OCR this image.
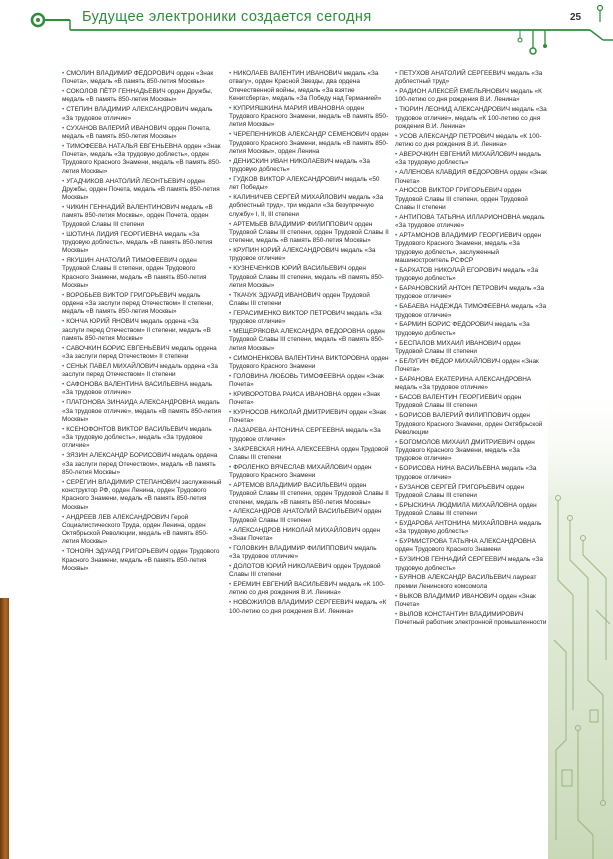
Будущее электроники создается сегодня	25
• СМОЛИН ВЛАДИМИР ФЕДОРОВИЧ орден «Знак Почета», медаль «В память 850-летия Москвы»
• СОКОЛОВ ПЁТР ГЕННАДЬЕВИЧ орден Дружбы, медаль «В память 850-летия Москвы»
• СТЕПИН ВЛАДИМИР АЛЕКСАНДРОВИЧ медаль «За трудовое отличие»
• СУХАНОВ ВАЛЕРИЙ ИВАНОВИЧ орден Почета, медаль «В память 850-летия Москвы»
• ТИМОФЕЕВА НАТАЛЬЯ ЕВГЕНЬЕВНА орден «Знак Почета», медаль «За трудовую доблесть», орден Трудового Красного Знамени, медаль «В память 850-летия Москвы»
• УГАДЧИКОВ АНАТОЛИЙ ЛЕОНТЬЕВИЧ орден Дружбы, орден Почета, медаль «В память 850-летия Москвы»
• ЧИКИН ГЕННАДИЙ ВАЛЕНТИНОВИЧ медаль «В память 850-летия Москвы», орден Почета, орден Трудовой Славы III степени
• ШОТИНА ЛИДИЯ ГЕОРГИЕВНА медаль «За трудовую доблесть», медаль «В память 850-летия Москвы»
• ЯКУШИН АНАТОЛИЙ ТИМОФЕЕВИЧ орден Трудовой Славы II степени, орден Трудового Красного Знамени, медаль «В память 850-летия Москвы»
• ВОРОБЬЕВ ВИКТОР ГРИГОРЬЕВИЧ медаль ордена «За заслуги перед Отечеством» II степени, медаль «В память 850-летия Москвы»
• КОНЧА ЮРИЙ ЯНОВИЧ медаль ордена «За заслуги перед Отечеством» II степени, медаль «В память 850-летия Москвы»
• САВОЧКИН БОРИС ЕВГЕНЬЕВИЧ медаль ордена «За заслуги перед Отечеством» II степени
• СЕНЬК ПАВЕЛ МИХАЙЛОВИЧ медаль ордена «За заслуги перед Отечеством» II степени
• САФОНОВА ВАЛЕНТИНА ВАСИЛЬЕВНА медаль «За трудовое отличие»
• ПЛАТОНОВА ЗИНАИДА АЛЕКСАНДРОВНА медаль «За трудовое отличие», медаль «В память 850-летия Москвы»
• КСЕНОФОНТОВ ВИКТОР ВАСИЛЬЕВИЧ медаль «За трудовую доблесть», медаль «За трудовое отличие»
• ЗЯЗИН АЛЕКСАНДР БОРИСОВИЧ медаль ордена «За заслуги перед Отечеством», медаль «В память 850-летия Москвы»
• СЕРЁГИН ВЛАДИМИР СТЕПАНОВИЧ заслуженный конструктор РФ, орден Ленина, орден Трудового Красного Знамени, медаль «В память 850-летия Москвы»
• АНДРЕЕВ ЛЕВ АЛЕКСАНДРОВИЧ Герой Социалистического Труда, орден Ленина, орден Октябрьской Революции, медаль «В память 850-летия Москвы»
• ТОНОЯН ЭДУАРД ГРИГОРЬЕВИЧ орден Трудового Красного Знамени, медаль «В память 850-летия Москвы»
• НИКОЛАЕВ ВАЛЕНТИН ИВАНОВИЧ медаль «За отвагу», орден Красной Звезды, два ордена Отечественной войны, медаль «За взятие Кенигсберга», медаль «За Победу над Германией»
• КУПРИЯШКИНА МАРИЯ ИВАНОВНА орден Трудового Красного Знамени, медаль «В память 850-летия Москвы»
• ЧЕРЕПЕННИКОВ АЛЕКСАНДР СЕМЕНОВИЧ орден Трудового Красного Знамени, медаль «В память 850-летия Москвы», орден Ленина
• ДЕНИСКИН ИВАН НИКОЛАЕВИЧ медаль «За трудовую доблесть»
• ГУДКОВ ВИКТОР АЛЕКСАНДРОВИЧ медаль «50 лет Победы»
• КАЛИНИЧЕВ СЕРГЕЙ МИХАЙЛОВИЧ медаль «За доблестный труд», три медали «За безупречную службу» I, II, III степени
• АРТЕМЬЕВ ВЛАДИМИР ФИЛИППОВИЧ орден Трудовой Славы III степени, орден Трудовой Славы II степени, медаль «В память 850-летия Москвы»
• КРУПИН ЮРИЙ АЛЕКСАНДРОВИЧ медаль «За трудовое отличие»
• КУЗНЕЧЕНКОВ ЮРИЙ ВАСИЛЬЕВИЧ орден Трудовой Славы III степени, медаль «В память 850-летия Москвы»
• ТКАЧУК ЭДУАРД ИВАНОВИЧ орден Трудовой Славы III степени
• ГЕРАСИМЕНКО ВИКТОР ПЕТРОВИЧ медаль «За трудовое отличие»
• МЕЩЕРЯКОВА АЛЕКСАНДРА ФЕДОРОВНА орден Трудовой Славы III степени, медаль «В память 850-летия Москвы»
• СИМОНЕНКОВА ВАЛЕНТИНА ВИКТОРОВНА орден Трудового Красного Знамени
• ГОЛОВИНА ЛЮБОВЬ ТИМОФЕЕВНА орден «Знак Почета»
• КРИВОРОТОВА РАИСА ИВАНОВНА орден «Знак Почета»
• КУРНОСОВ НИКОЛАЙ ДМИТРИЕВИЧ орден «Знак Почета»
• ЛАЗАРЕВА АНТОНИНА СЕРГЕЕВНА медаль «За трудовое отличие»
• ЗАКРЕВСКАЯ НИНА АЛЕКСЕЕВНА орден Трудовой Славы III степени
• ФРОЛЕНКО ВЯЧЕСЛАВ МИХАЙЛОВИЧ орден Трудового Красного Знамени
• АРТЕМОВ ВЛАДИМИР ВАСИЛЬЕВИЧ орден Трудовой Славы III степени, орден Трудовой Славы II степени, медаль «В память 850-летия Москвы»
• АЛЕКСАНДРОВ АНАТОЛИЙ ВАСИЛЬЕВИЧ орден Трудовой Славы III степени
• АЛЕКСАНДРОВ НИКОЛАЙ МИХАЙЛОВИЧ орден «Знак Почета»
• ГОЛОВКИН ВЛАДИМИР ФИЛИППОВИЧ медаль «За трудовое отличие»
• ДОЛОТОВ ЮРИЙ НИКОЛАЕВИЧ орден Трудовой Славы III степени
• ЕРЕМИН ЕВГЕНИЙ ВАСИЛЬЕВИЧ медаль «К 100-летию со дня рождения В.И. Ленина»
• НОВОЖИЛОВ ВЛАДИМИР СЕРГЕЕВИЧ медаль «К 100-летию со дня рождения В.И. Ленина»
• ПЕТУХОВ АНАТОЛИЙ СЕРГЕЕВИЧ медаль «За доблестный труд»
• РАДИОН АЛЕКСЕЙ ЕМЕЛЬЯНОВИЧ медаль «К 100-летию со дня рождения В.И. Ленина»
• ТЮРИН ЛЕОНИД АЛЕКСАНДРОВИЧ медаль «За трудовое отличие», медаль «К 100-летию со дня рождения В.И. Ленина»
• УСОВ АЛЕКСАНДР ПЕТРОВИЧ медаль «К 100-летию со дня рождения В.И. Ленина»
• АВЕРОЧКИН ЕВГЕНИЙ МИХАЙЛОВИЧ медаль «За трудовую доблесть»
• АЛЛЕНОВА КЛАВДИЯ ФЕДОРОВНА орден «Знак Почета»
• АНОСОВ ВИКТОР ГРИГОРЬЕВИЧ орден Трудовой Славы III степени, орден Трудовой Славы II степени
• АНТИПОВА ТАТЬЯНА ИЛЛАРИОНОВНА медаль «За трудовое отличие»
• АРТАМОНОВ ВЛАДИМИР ГЕОРГИЕВИЧ орден Трудового Красного Знамени, медаль «За трудовую доблесть», заслуженный машиностроитель РСФСР
• БАРХАТОВ НИКОЛАЙ ЕГОРОВИЧ медаль «За трудовую доблесть»
• БАРАНОВСКИЙ АНТОН ПЕТРОВИЧ медаль «За трудовое отличие»
• БАБАЕВА НАДЕЖДА ТИМОФЕЕВНА медаль «За трудовое отличие»
• БАРМИН БОРИС ФЕДОРОВИЧ медаль «За трудовую доблесть»
• БЕСПАЛОВ МИХАИЛ ИВАНОВИЧ орден Трудовой Славы III степени
• БЕЛУГИН ФЕДОР МИХАЙЛОВИЧ орден «Знак Почета»
• БАРАНОВА ЕКАТЕРИНА АЛЕКСАНДРОВНА медаль «За трудовое отличие»
• БАСОВ ВАЛЕНТИН ГЕОРГИЕВИЧ орден Трудовой Славы III степени
• БОРИСОВ ВАЛЕРИЙ ФИЛИППОВИЧ орден Трудового Красного Знамени, орден Октябрьской Революции
• БОГОМОЛОВ МИХАИЛ ДМИТРИЕВИЧ орден Трудового Красного Знамени, медаль «За трудовое отличие»
• БОРИСОВА НИНА ВАСИЛЬЕВНА медаль «За трудовое отличие»
• БУЗАНОВ СЕРГЕЙ ГРИГОРЬЕВИЧ орден Трудовой Славы III степени
• БРЫСКИНА ЛЮДМИЛА МИХАЙЛОВНА орден Трудовой Славы III степени
• БУДАРОВА АНТОНИНА МИХАЙЛОВНА медаль «За трудовую доблесть»
• БУРМИСТРОВА ТАТЬЯНА АЛЕКСАНДРОВНА орден Трудового Красного Знамени
• БУЗИНОВ ГЕННАДИЙ СЕРГЕЕВИЧ медаль «За трудовую доблесть»
• БУЯНОВ АЛЕКСАНДР ВАСИЛЬЕВИЧ лауреат премии Ленинского комсомола
• ВЫКОВ ВЛАДИМИР ИВАНОВИЧ орден «Знак Почета»
• ВЫЛОВ КОНСТАНТИН ВЛАДИМИРОВИЧ Почетный работник электронной промышленности
